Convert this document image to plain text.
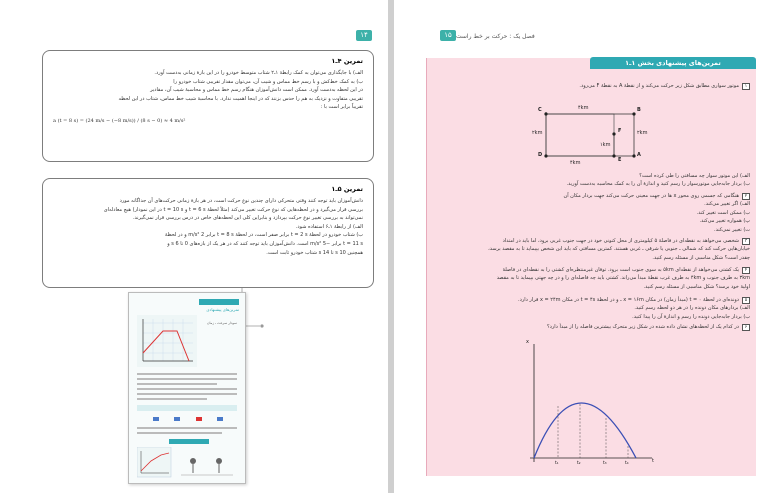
۱۴
تمرین ۴ـ۱
الف) با جایگذاری می‌توان به کمک رابطهٔ ۱ـ۲ شتاب متوسط خودرو را در این بازهٔ زمانی به‌دست آورد.
ب) به کمک خط‌کش و با رسم خط مماس و شیب آن، می‌توان مقدار تقریبی شتاب خودرو را
در این لحظه به‌دست آورد. ممکن است دانش‌آموزان هنگام رسم خط مماس و محاسبهٔ شیب آن، مقادیر
تقریبی متفاوت و نزدیک به هم را حدس بزنند که در اینجا اهمیت ندارد. با محاسبهٔ شیب خط مماس، شتاب در این لحظه
تقریباً برابر است با :
a (t = 8 s) = (24 m/s − (−8 m/s)) / (8 s − 0) ≈ 4 m/s²
تمرین ۵ـ۱
دانش‌آموزان باید توجه کنند وقتی متحرکی دارای چندین نوع حرکت است، در هر بازهٔ زمانی حرکت‌های آن جداگانه مورد
بررسی قرار می‌گیرد و در لحظه‌هایی که نوع حرکت تغییر می‌کند (مثلاً لحظهٔ t = 6 s و t = 10 s در این نمودار) هیچ معادله‌ای
نمی‌تواند به بررسی تغییر نوع حرکت بپردازد و بنابراین کلی این لحظه‌های خاص در درس بررسی قرار نمی‌گیرند.
الف) از رابطهٔ ۱ـ۶ استفاده شود.
ب) شتاب خودرو در لحظهٔ t = 2 s برابر صفر است، در لحظهٔ t = 8 s برابر 2 m/s² و در لحظهٔ
t = 11 s برابر −5 m/s² است. دانش‌آموزان باید توجه کنند که در هر یک از بازه‌های 0 تا 6 s و
همچنین 10 s تا 14 s شتاب خودرو ثابت است.
تمرین‌های پیشنهادی
نمودار سرعت ـ زمان
۱۵ فصل یک : حرکت بر خط راست
تمرین‌های پیشنهادی بخش ۱ـ۱
۱موتور سواری مطابق شکل زیر حرکت می‌کند و از نقطهٔ A به نقطهٔ F می‌رود.
C	B
D	A
E
F
۴km
۲km	۲km
۱km
۴km
الف) این موتور سوار چه مسافتی را طی کرده است؟
ب) بردار جابه‌جایی موتورسوار را رسم کنید و اندازهٔ آن را به کمک محاسبه به‌دست آورید.
۲هنگامی که جسمی روی محور x ها در جهت معینی حرکت می‌کند جهت بردار مکان آن
الف) اگر تغییر می‌کند.
ب) ممکن است تغییر کند.
پ) همواره تغییر می‌کند.
ت) تغییر نمی‌کند.
۳شخصی می‌خواهد به نقطه‌ای در فاصلهٔ ۵ کیلومتری از محل کنونی خود در جهت جنوب غربی برود، اما باید در امتداد
خیابان‌هایی حرکت کند که شمالی ـ جنوبی یا شرقی ـ غربی هستند. کمترین مسافتی که باید این شخص بپیماید تا به مقصد برسد،
چقدر است؟ شکل مناسبی از مسئله رسم کنید.
۴یک کشتی می‌خواهد از نقطه‌ای ۵km به سوی جنوب است برود. توفان غیرمنتظره‌ای کشتی را به نقطه‌ای در فاصلهٔ
۳km به طرف جنوب و ۴km به طرف غرب نقطهٔ مبدأ می‌راند. کشتی باید چه فاصله‌ای را و در چه جهتی بپیماید تا به مقصد
اولیهٔ خود برسد؟ شکل مناسبی از مسئله رسم کنید.
۵دونده‌ای در لحظهٔ t = ۰ (مبدأ زمان) در مکان x = ۱۶m ـ و در لحظهٔ t = ۴s در مکان x = ۲۴m قرار دارد.
الف) بردارهای مکان دونده را در هر دو لحظه رسم کنید.
ب) بردار جابه‌جایی دونده را رسم و اندازهٔ آن را پیدا کنید.
۶در کدام یک از لحظه‌های نشان داده شده در شکل زیر متحرک بیشترین فاصله را از مبدأ دارد؟
x
t
t₁	t₂	t₃	t₄
